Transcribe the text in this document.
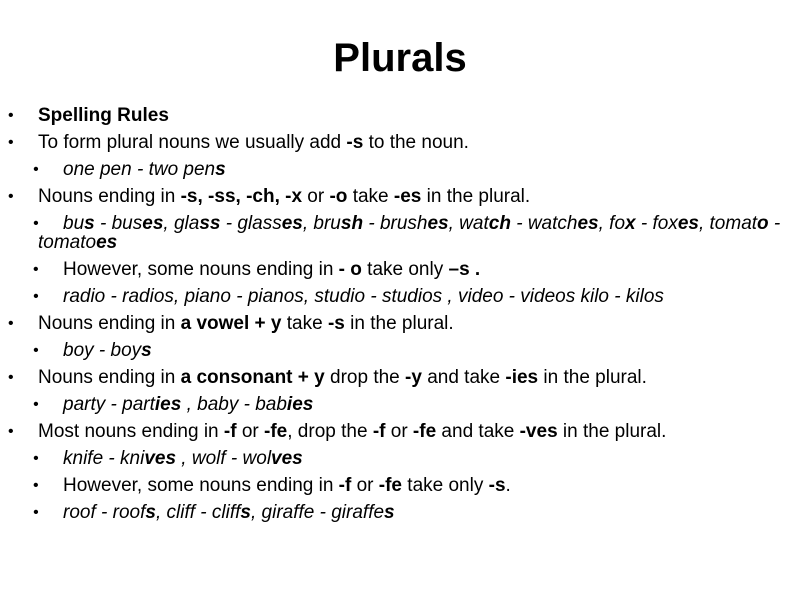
Plurals
• Spelling Rules
• To form plural nouns we usually add -s to the noun.
• one pen - two pens
• Nouns ending in -s, -ss, -ch, -x or -o take -es in the plural.
• bus - buses, glass - glasses, brush - brushes, watch - watches, fox - foxes, tomato - tomatoes
• However, some nouns ending in - o take only –s .
• radio - radios, piano - pianos, studio - studios , video - videos kilo - kilos
• Nouns ending in a vowel + y take -s in the plural.
• boy - boys
• Nouns ending in a consonant + y drop the -y and take -ies in the plural.
• party - parties , baby - babies
• Most nouns ending in -f or -fe, drop the -f or -fe and take -ves in the plural.
• knife - knives , wolf - wolves
• However, some nouns ending in -f or -fe take only -s.
• roof - roofs, cliff - cliffs, giraffe - giraffes
